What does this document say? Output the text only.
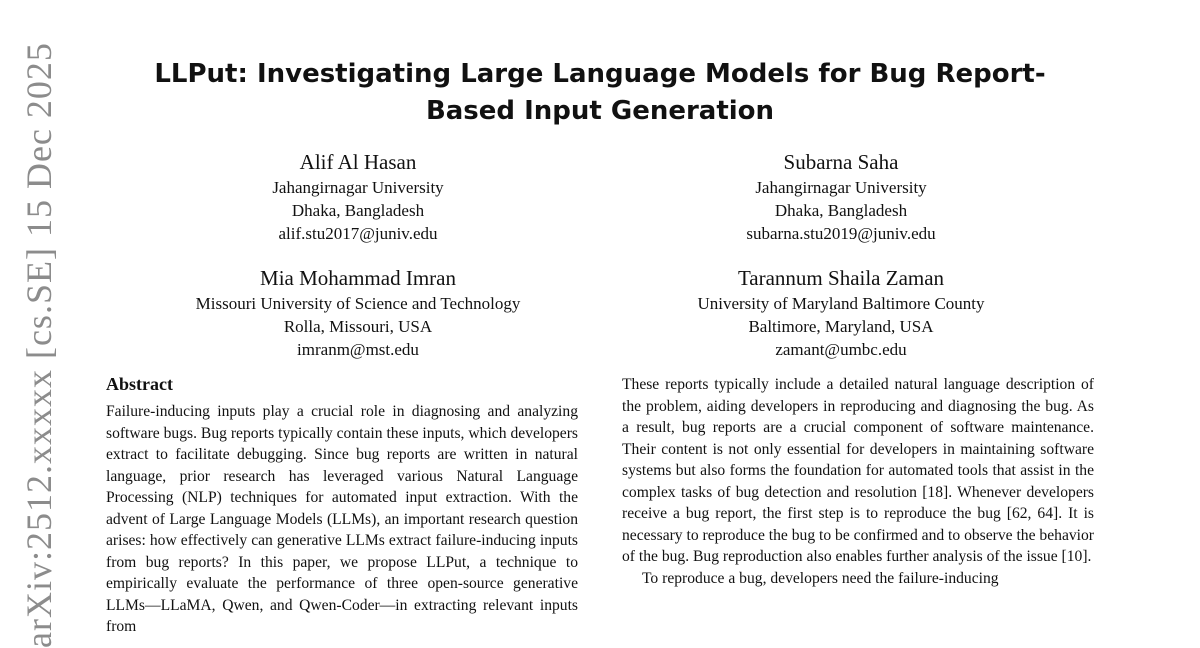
arXiv:2512.xxxxx [cs.SE] 15 Dec 2025	LLPut: Investigating Large Language Models for Bug Report-Based Input Generation
Alif Al Hasan
Jahangirnagar University
Dhaka, Bangladesh
alif.stu2017@juniv.edu
Subarna Saha
Jahangirnagar University
Dhaka, Bangladesh
subarna.stu2019@juniv.edu
Mia Mohammad Imran
Missouri University of Science and Technology
Rolla, Missouri, USA
imranm@mst.edu
Tarannum Shaila Zaman
University of Maryland Baltimore County
Baltimore, Maryland, USA
zamant@umbc.edu
Abstract

Failure-inducing inputs play a crucial role in diagnosing and analyzing software bugs. Bug reports typically contain these inputs, which developers extract to facilitate debugging. Since bug reports are written in natural language, prior research has leveraged various Natural Language Processing (NLP) techniques for automated input extraction. With the advent of Large Language Models (LLMs), an important research question arises: how effectively can generative LLMs extract failure-inducing inputs from bug reports? In this paper, we propose LLPut, a technique to empirically evaluate the performance of three open-source generative LLMs—LLaMA, Qwen, and Qwen-Coder—in extracting relevant inputs from

These reports typically include a detailed natural language description of the problem, aiding developers in reproducing and diagnosing the bug. As a result, bug reports are a crucial component of software maintenance. Their content is not only essential for developers in maintaining software systems but also forms the foundation for automated tools that assist in the complex tasks of bug detection and resolution [18]. Whenever developers receive a bug report, the first step is to reproduce the bug [62, 64]. It is necessary to reproduce the bug to be confirmed and to observe the behavior of the bug. Bug reproduction also enables further analysis of the issue [10].

To reproduce a bug, developers need the failure-inducing
